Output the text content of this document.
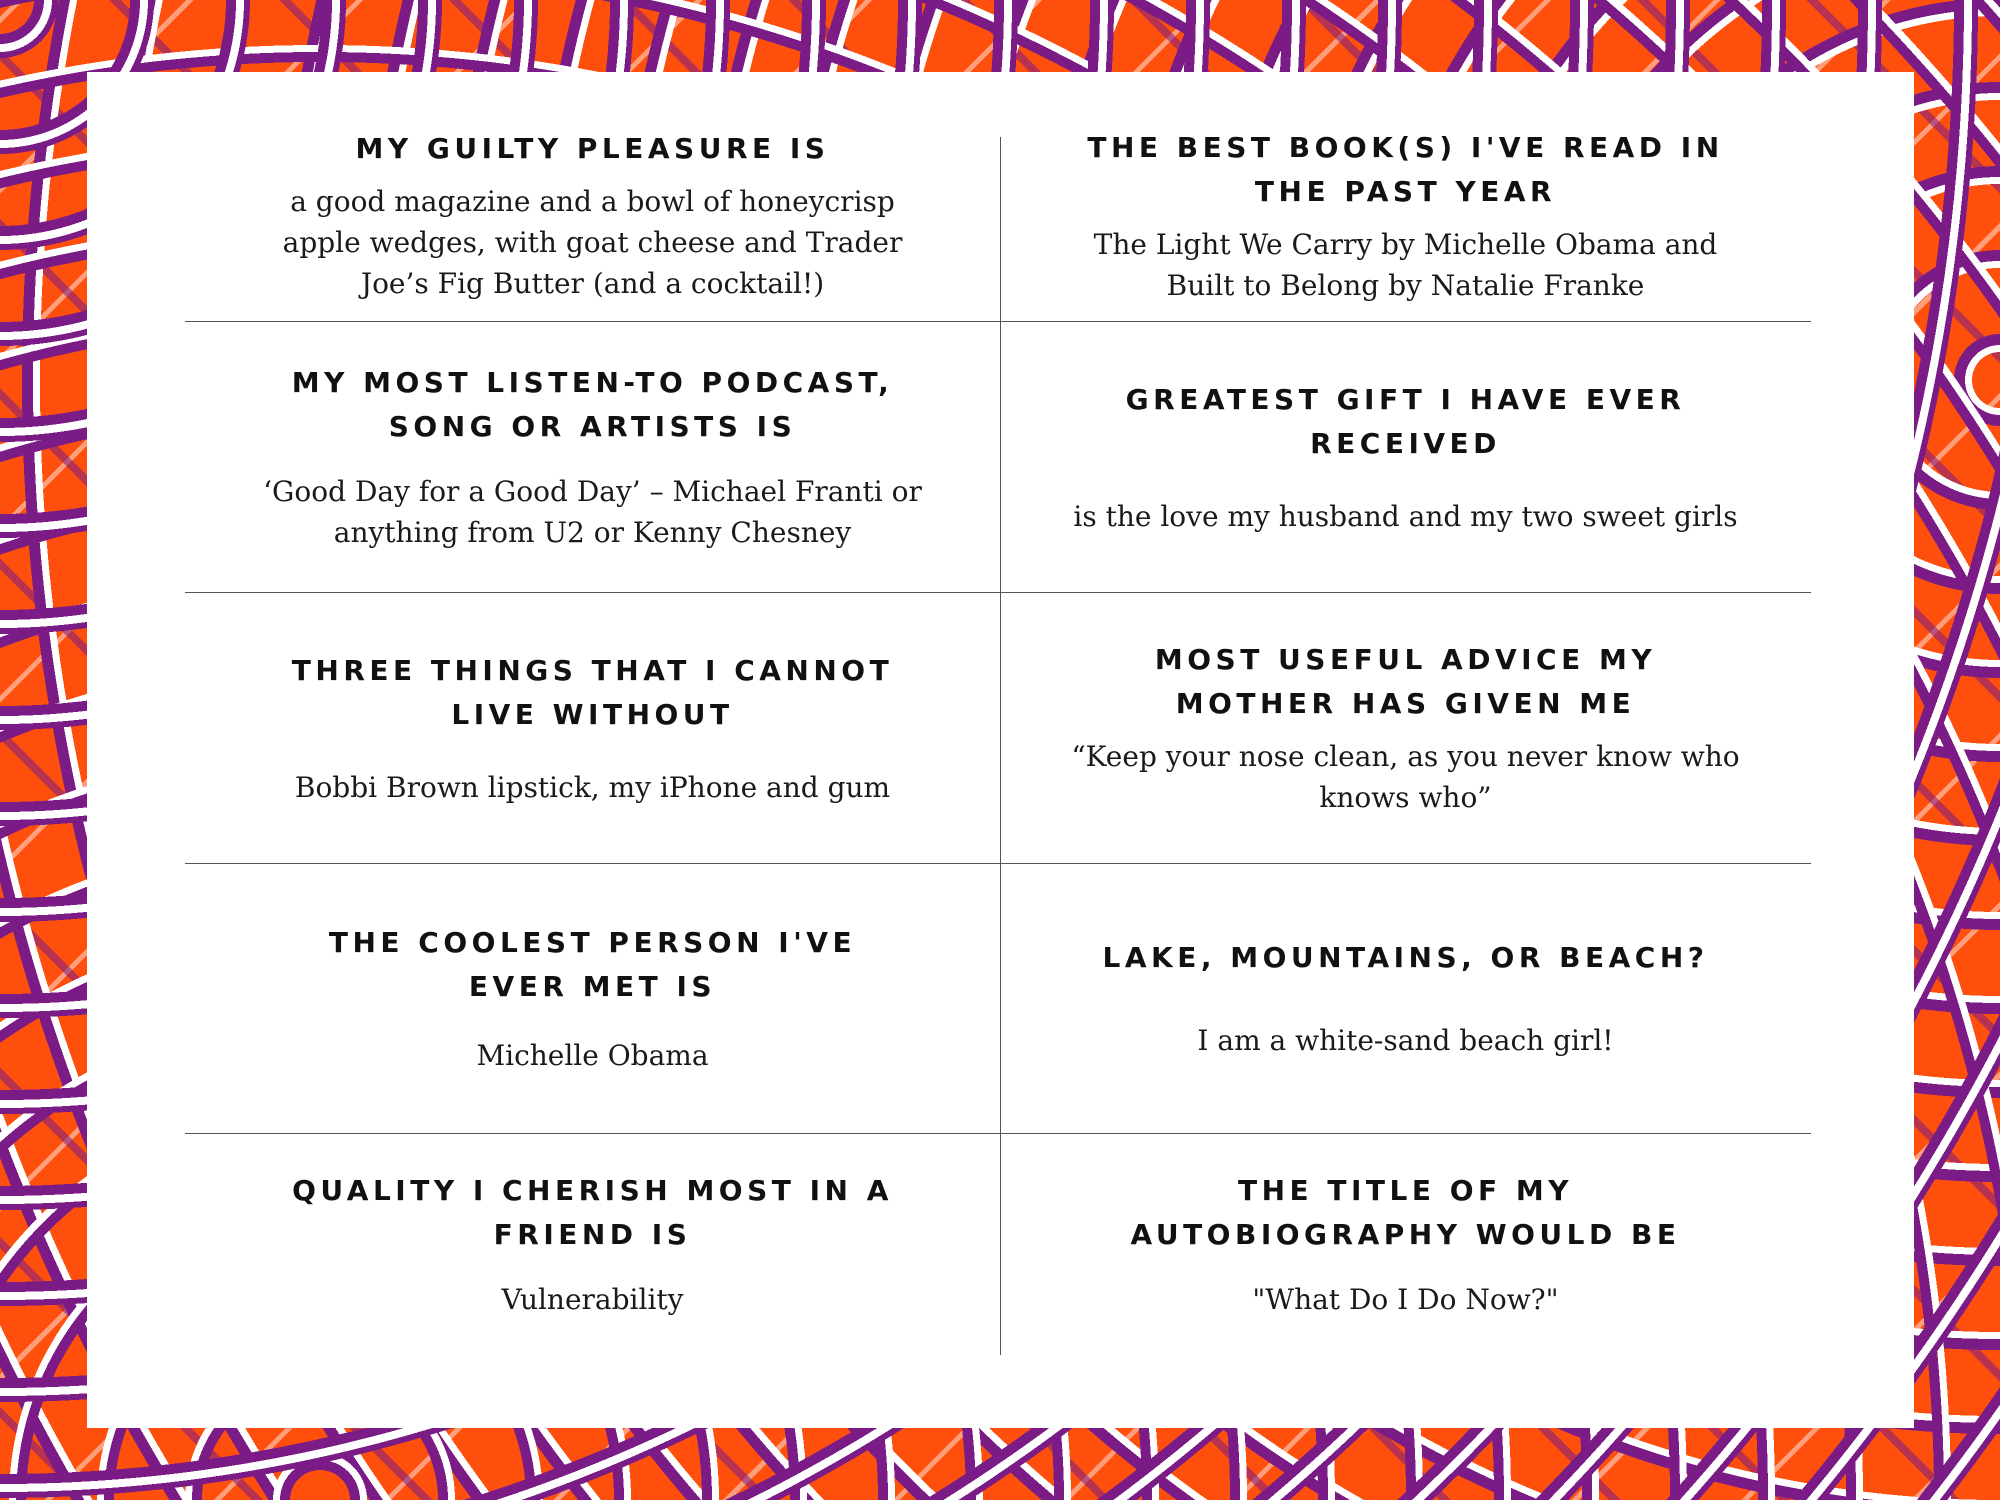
MY GUILTY PLEASURE IS
a good magazine and a bowl of honeycrisp apple wedges, with goat cheese and Trader Joe’s Fig Butter (and a cocktail!)
THE BEST BOOK(S) I'VE READ IN THE PAST YEAR
The Light We Carry by Michelle Obama and Built to Belong by Natalie Franke
MY MOST LISTEN-TO PODCAST, SONG OR ARTISTS IS
‘Good Day for a Good Day’ – Michael Franti or anything from U2 or Kenny Chesney
GREATEST GIFT I HAVE EVER RECEIVED
is the love my husband and my two sweet girls
THREE THINGS THAT I CANNOT LIVE WITHOUT
Bobbi Brown lipstick, my iPhone and gum
MOST USEFUL ADVICE MY MOTHER HAS GIVEN ME
“Keep your nose clean, as you never know who knows who”
THE COOLEST PERSON I'VE EVER MET IS
Michelle Obama
LAKE, MOUNTAINS, OR BEACH?
I am a white-sand beach girl!
QUALITY I CHERISH MOST IN A FRIEND IS
Vulnerability
THE TITLE OF MY AUTOBIOGRAPHY WOULD BE
"What Do I Do Now?"
